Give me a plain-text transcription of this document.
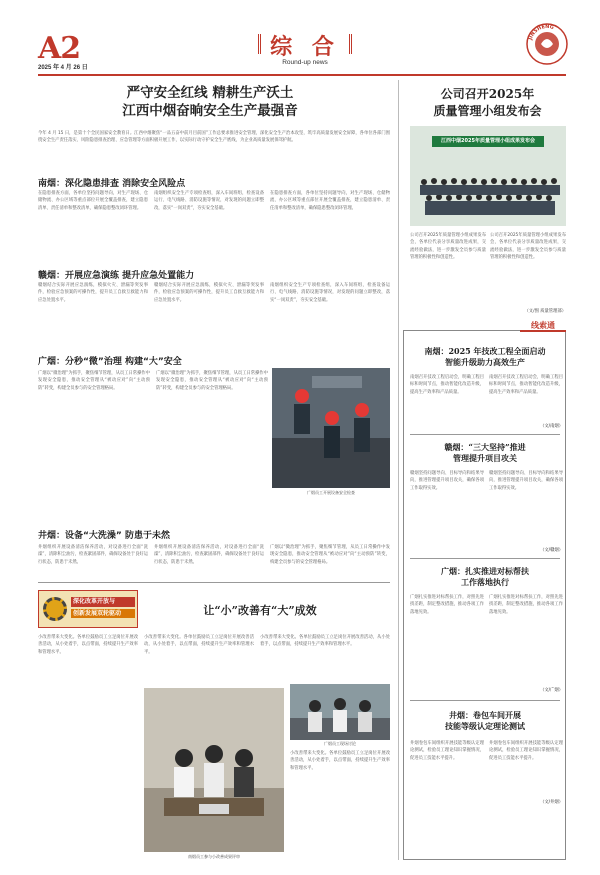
A2
2025 年 4 月 26 日
综 合
Round-up news
JINSHENG
严守安全红线 精耕生产沃土
江西中烟奋晌安全生产最强音
今年 4 月 15 日，是第十个全民国家安全教育日。江西中烟聚焦“一品五奋中前月目前国”工作总要求推进安全管理，深化安全生产治本攻坚，筑牢高质量发展安全屏障，各单位各部门围绕安全生产责任落实、风险隐患排查治理、应急管理等方面积极开展工作，以实际行动守护安全生产底线，为企业高质量发展保驾护航。
南烟：深化隐患排查 消除安全风险点
在隐患排查方面，各单位坚持问题导向，对生产现场、仓储物流、办公区域等重点部位开展全覆盖排查，建立隐患清单、责任清单和整改清单，确保隐患整改闭环管理。
南烟组织安全生产专项检查组，深入车间班组，检查设备运行、电气线路、消防设施等情况，对发现的问题立即整改，落实“一岗双责”，夯实安全基础。
在隐患排查方面，各单位坚持问题导向，对生产现场、仓储物流、办公区域等重点部位开展全覆盖排查，建立隐患清单、责任清单和整改清单，确保隐患整改闭环管理。
赣烟：开展应急演练 提升应急处置能力
赣烟结合实际开展应急演练，模拟火灾、泄漏等突发事件，检验应急预案的可操作性，提升员工自救互救能力和应急处置水平。
赣烟结合实际开展应急演练，模拟火灾、泄漏等突发事件，检验应急预案的可操作性，提升员工自救互救能力和应急处置水平。
南烟组织安全生产专项检查组，深入车间班组，检查设备运行、电气线路、消防设施等情况，对发现的问题立即整改，落实“一岗双责”，夯实安全基础。
广烟：分秒“微”治理 构建“大”安全
广烟以“微治理”为抓手，聚焦细节管理，从员工日常操作中发现安全隐患，推动安全管理从“被动应对”向“主动预防”转变，构建全员参与的安全管理格局。
广烟以“微治理”为抓手，聚焦细节管理，从员工日常操作中发现安全隐患，推动安全管理从“被动应对”向“主动预防”转变，构建全员参与的安全管理格局。
广烟员工开展设备安全检查
井烟：设备“大洗澡” 防患于未然
井烟组织开展设备清洁保养活动，对设备进行全面“洗澡”，清除积尘油污，检查紧固部件，确保设备处于良好运行状态，防患于未然。
井烟组织开展设备清洁保养活动，对设备进行全面“洗澡”，清除积尘油污，检查紧固部件，确保设备处于良好运行状态，防患于未然。
广烟以“微治理”为抓手，聚焦细节管理，从员工日常操作中发现安全隐患，推动安全管理从“被动应对”向“主动预防”转变，构建全员参与的安全管理格局。
公司召开2025年
质量管理小组发布会
江西中烟2025年质量管理小组成果发布会
公司召开2025年质量管理小组成果发布会，各单位代表分享质量改进成果，交流经验做法，进一步激发全员参与质量管理的积极性和创造性。
公司召开2025年质量管理小组成果发布会，各单位代表分享质量改进成果，交流经验做法，进一步激发全员参与质量管理的积极性和创造性。
（文/图 质量管理部）
线索通
南烟：2025 年技改工程全面启动
智能升级助力高效生产
南烟召开技改工程启动会，明确工程目标和时间节点，推动智能化改造升级，提高生产效率和产品质量。
南烟召开技改工程启动会，明确工程目标和时间节点，推动智能化改造升级，提高生产效率和产品质量。
（文/南烟）
赣烟：“三大坚持”推进
管理提升项目攻关
赣烟坚持问题导向、目标导向和结果导向，推进管理提升项目攻关，确保各项工作取得实效。
赣烟坚持问题导向、目标导向和结果导向，推进管理提升项目攻关，确保各项工作取得实效。
（文/赣烟）
广烟：扎实推进对标帮扶
工作落地执行
广烟扎实推进对标帮扶工作，对照先进找差距，制定整改措施，推动各项工作落地见效。
广烟扎实推进对标帮扶工作，对照先进找差距，制定整改措施，推动各项工作落地见效。
（文/广烟）
井烟：卷包车间开展
技能等级认定理论测试
井烟卷包车间组织开展技能等级认定理论测试，检验员工理论知识掌握情况，促进员工技能水平提升。
井烟卷包车间组织开展技能等级认定理论测试，检验员工理论知识掌握情况，促进员工技能水平提升。
（文/井烟）
深化改革开放与
创新发展双轮驱动	让“小”改善有“大”成效
小改善带来大变化。各单位鼓励员工立足岗位开展改善活动，从小处着手，以点带面，持续提升生产效率和管理水平。
小改善带来大变化。各单位鼓励员工立足岗位开展改善活动，从小处着手，以点带面，持续提升生产效率和管理水平。
小改善带来大变化。各单位鼓励员工立足岗位开展改善活动，从小处着手，以点带面，持续提升生产效率和管理水平。
广烟员工现场讨论
南烟员工参与小改善成果评审
小改善带来大变化。各单位鼓励员工立足岗位开展改善活动，从小处着手，以点带面，持续提升生产效率和管理水平。
